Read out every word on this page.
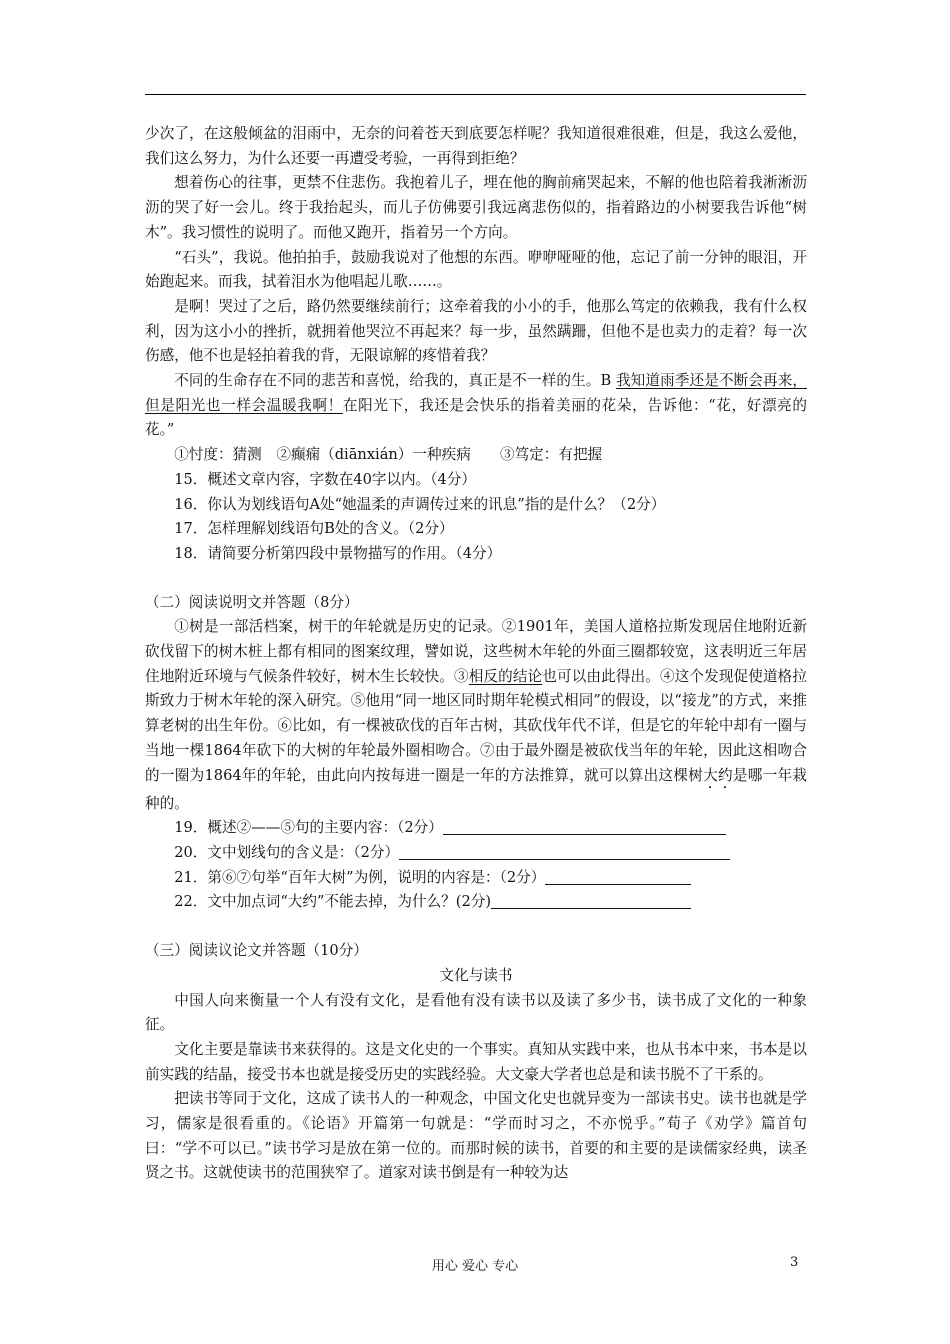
少次了，在这般倾盆的泪雨中，无奈的问着苍天到底要怎样呢？我知道很难很难，但是，我这么爱他，我们这么努力，为什么还要一再遭受考验，一再得到拒绝？

想着伤心的往事，更禁不住悲伤。我抱着儿子，埋在他的胸前痛哭起来，不解的他也陪着我淅淅沥沥的哭了好一会儿。终于我抬起头，而儿子仿佛要引我远离悲伤似的，指着路边的小树要我告诉他“树木”。我习惯性的说明了。而他又跑开，指着另一个方向。

“石头”，我说。他拍拍手，鼓励我说对了他想的东西。咿咿哑哑的他，忘记了前一分钟的眼泪，开始跑起来。而我，拭着泪水为他唱起儿歌……。

是啊！哭过了之后，路仍然要继续前行；这牵着我的小小的手，他那么笃定的依赖我，我有什么权利，因为这小小的挫折，就拥着他哭泣不再起来？每一步，虽然蹒跚，但他不是也卖力的走着？每一次伤感，他不也是轻拍着我的背，无限谅解的疼惜着我？

不同的生命存在不同的悲苦和喜悦，给我的，真正是不一样的生。B 我知道雨季还是不断会再来，但是阳光也一样会温暖我啊！在阳光下，我还是会快乐的指着美丽的花朵，告诉他：“花，好漂亮的花。”

①忖度：猜测　②癫痫（diānxián）一种疾病　　③笃定：有把握

15．概述文章内容，字数在40字以内。（4分）

16．你认为划线语句A处“她温柔的声调传过来的讯息”指的是什么？（2分）

17．怎样理解划线语句B处的含义。（2分）

18．请简要分析第四段中景物描写的作用。（4分）

（二）阅读说明文并答题（8分）

①树是一部活档案，树干的年轮就是历史的记录。②1901年，美国人道格拉斯发现居住地附近新砍伐留下的树木桩上都有相同的图案纹理，譬如说，这些树木年轮的外面三圈都较宽，这表明近三年居住地附近环境与气候条件较好，树木生长较快。③相反的结论也可以由此得出。④这个发现促使道格拉斯致力于树木年轮的深入研究。⑤他用“同一地区同时期年轮模式相同”的假设，以“接龙”的方式，来推算老树的出生年份。⑥比如，有一棵被砍伐的百年古树，其砍伐年代不详，但是它的年轮中却有一圈与当地一棵1864年砍下的大树的年轮最外圈相吻合。⑦由于最外圈是被砍伐当年的年轮，因此这相吻合的一圈为1864年的年轮，由此向内按每进一圈是一年的方法推算，就可以算出这棵树大约是哪一年栽种的。

19．概述②——⑤句的主要内容：（2分）

20．文中划线句的含义是：（2分）

21．第⑥⑦句举“百年大树”为例，说明的内容是：（2分）

22．文中加点词“大约”不能去掉，为什么？(2分)

（三）阅读议论文并答题（10分）

文化与读书

中国人向来衡量一个人有没有文化，是看他有没有读书以及读了多少书，读书成了文化的一种象征。

文化主要是靠读书来获得的。这是文化史的一个事实。真知从实践中来，也从书本中来，书本是以前实践的结晶，接受书本也就是接受历史的实践经验。大文豪大学者也总是和读书脱不了干系的。

把读书等同于文化，这成了读书人的一种观念，中国文化史也就异变为一部读书史。读书也就是学习，儒家是很看重的。《论语》开篇第一句就是：“学而时习之，不亦悦乎。”荀子《劝学》篇首句曰：“学不可以已。”读书学习是放在第一位的。而那时候的读书，首要的和主要的是读儒家经典，读圣贤之书。这就使读书的范围狭窄了。道家对读书倒是有一种较为达

用心 爱心 专心	3
